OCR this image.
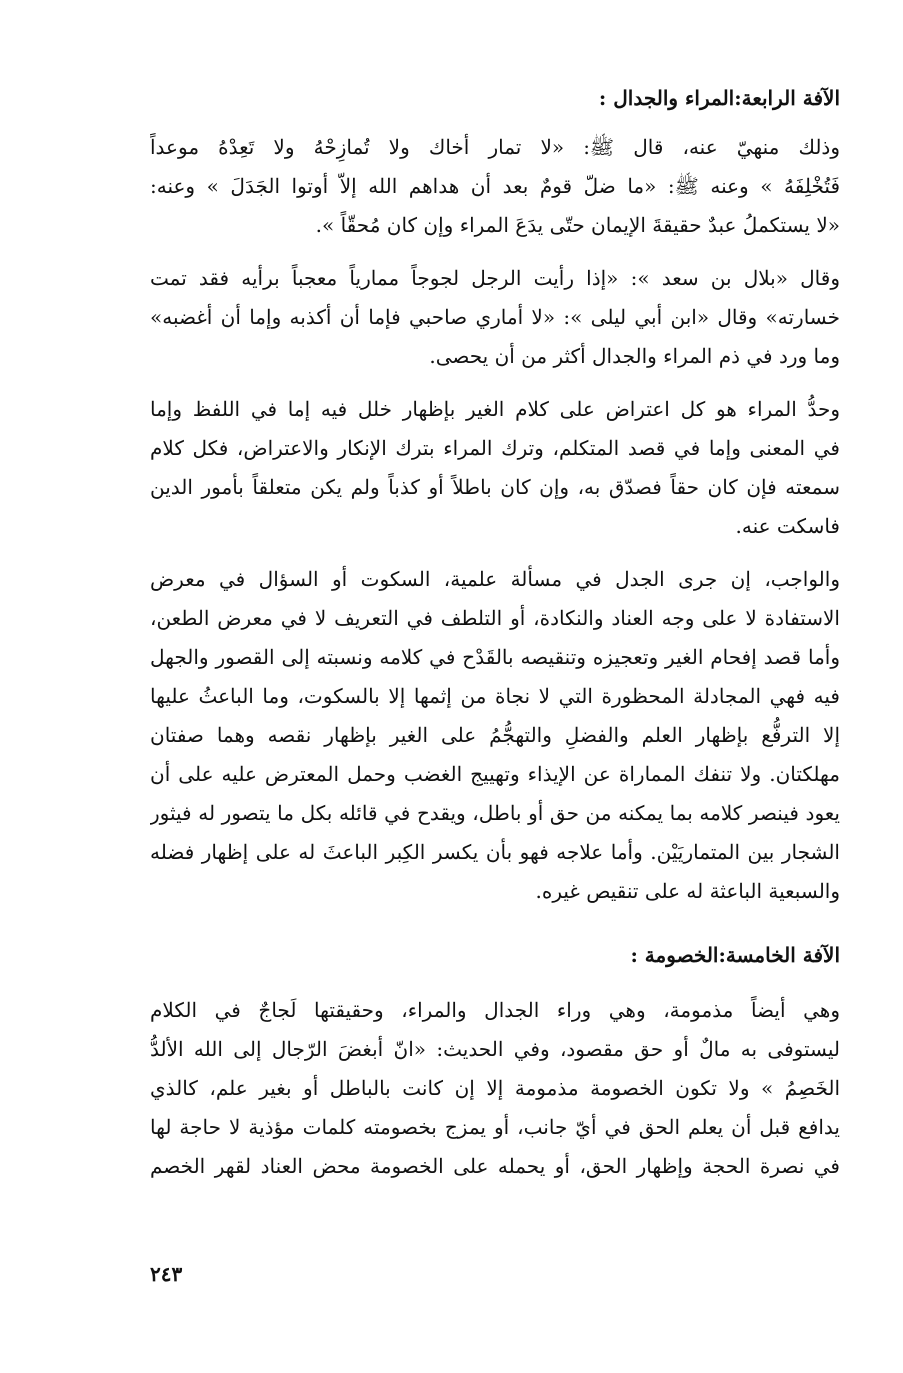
الآفة الرابعة:المراء والجدال :
وذلك منهيّ عنه، قال ﷺ: «لا تمار أخاك ولا تُمازِحْهُ ولا تَعِدْهُ موعداً
فَتُخْلِفَهُ » وعنه ﷺ: «ما ضلّ قومٌ بعد أن هداهم الله إلاّ أوتوا الجَدَلَ » وعنه:
«لا يستكملُ عبدٌ حقيقةَ الإيمان حتّى يدَعَ المراء وإن كان مُحقّاً ».
وقال «بلال بن سعد »: «إذا رأيت الرجل لجوجاً ممارياً معجباً برأيه فقد تمت
خسارته» وقال «ابن أبي ليلى »: «لا أماري صاحبي فإما أن أكذبه وإما أن أغضبه»
وما ورد في ذم المراء والجدال أكثر من أن يحصى.
وحدُّ المراء هو كل اعتراض على كلام الغير بإظهار خلل فيه إما في اللفظ وإما
في المعنى وإما في قصد المتكلم، وترك المراء بترك الإنكار والاعتراض، فكل كلام
سمعته فإن كان حقاً فصدّق به، وإن كان باطلاً أو كذباً ولم يكن متعلقاً بأمور الدين
فاسكت عنه.
والواجب، إن جرى الجدل في مسألة علمية، السكوت أو السؤال في معرض
الاستفادة لا على وجه العناد والنكادة، أو التلطف في التعريف لا في معرض الطعن،
وأما قصد إفحام الغير وتعجيزه وتنقيصه بالقَدْح في كلامه ونسبته إلى القصور والجهل
فيه فهي المجادلة المحظورة التي لا نجاة من إثمها إلا بالسكوت، وما الباعثُ عليها
إلا الترفُّع بإظهار العلم والفضلِ والتهجُّمُ على الغير بإظهار نقصه وهما صفتان
مهلكتان. ولا تنفك المماراة عن الإيذاء وتهييج الغضب وحمل المعترض عليه على أن
يعود فينصر كلامه بما يمكنه من حق أو باطل، ويقدح في قائله بكل ما يتصور له فيثور
الشجار بين المتماريَيْن. وأما علاجه فهو بأن يكسر الكِبر الباعثَ له على إظهار فضله
والسبعية الباعثة له على تنقيص غيره.
الآفة الخامسة:الخصومة :
وهي أيضاً مذمومة، وهي وراء الجدال والمراء، وحقيقتها لَجاجٌ في الكلام
ليستوفى به مالٌ أو حق مقصود، وفي الحديث: «انّ أبغضَ الرّجال إلى الله الألدُّ
الخَصِمُ » ولا تكون الخصومة مذمومة إلا إن كانت بالباطل أو بغير علم، كالذي
يدافع قبل أن يعلم الحق في أيّ جانب، أو يمزج بخصومته كلمات مؤذية لا حاجة لها
في نصرة الحجة وإظهار الحق، أو يحمله على الخصومة محض العناد لقهر الخصم
٢٤٣
